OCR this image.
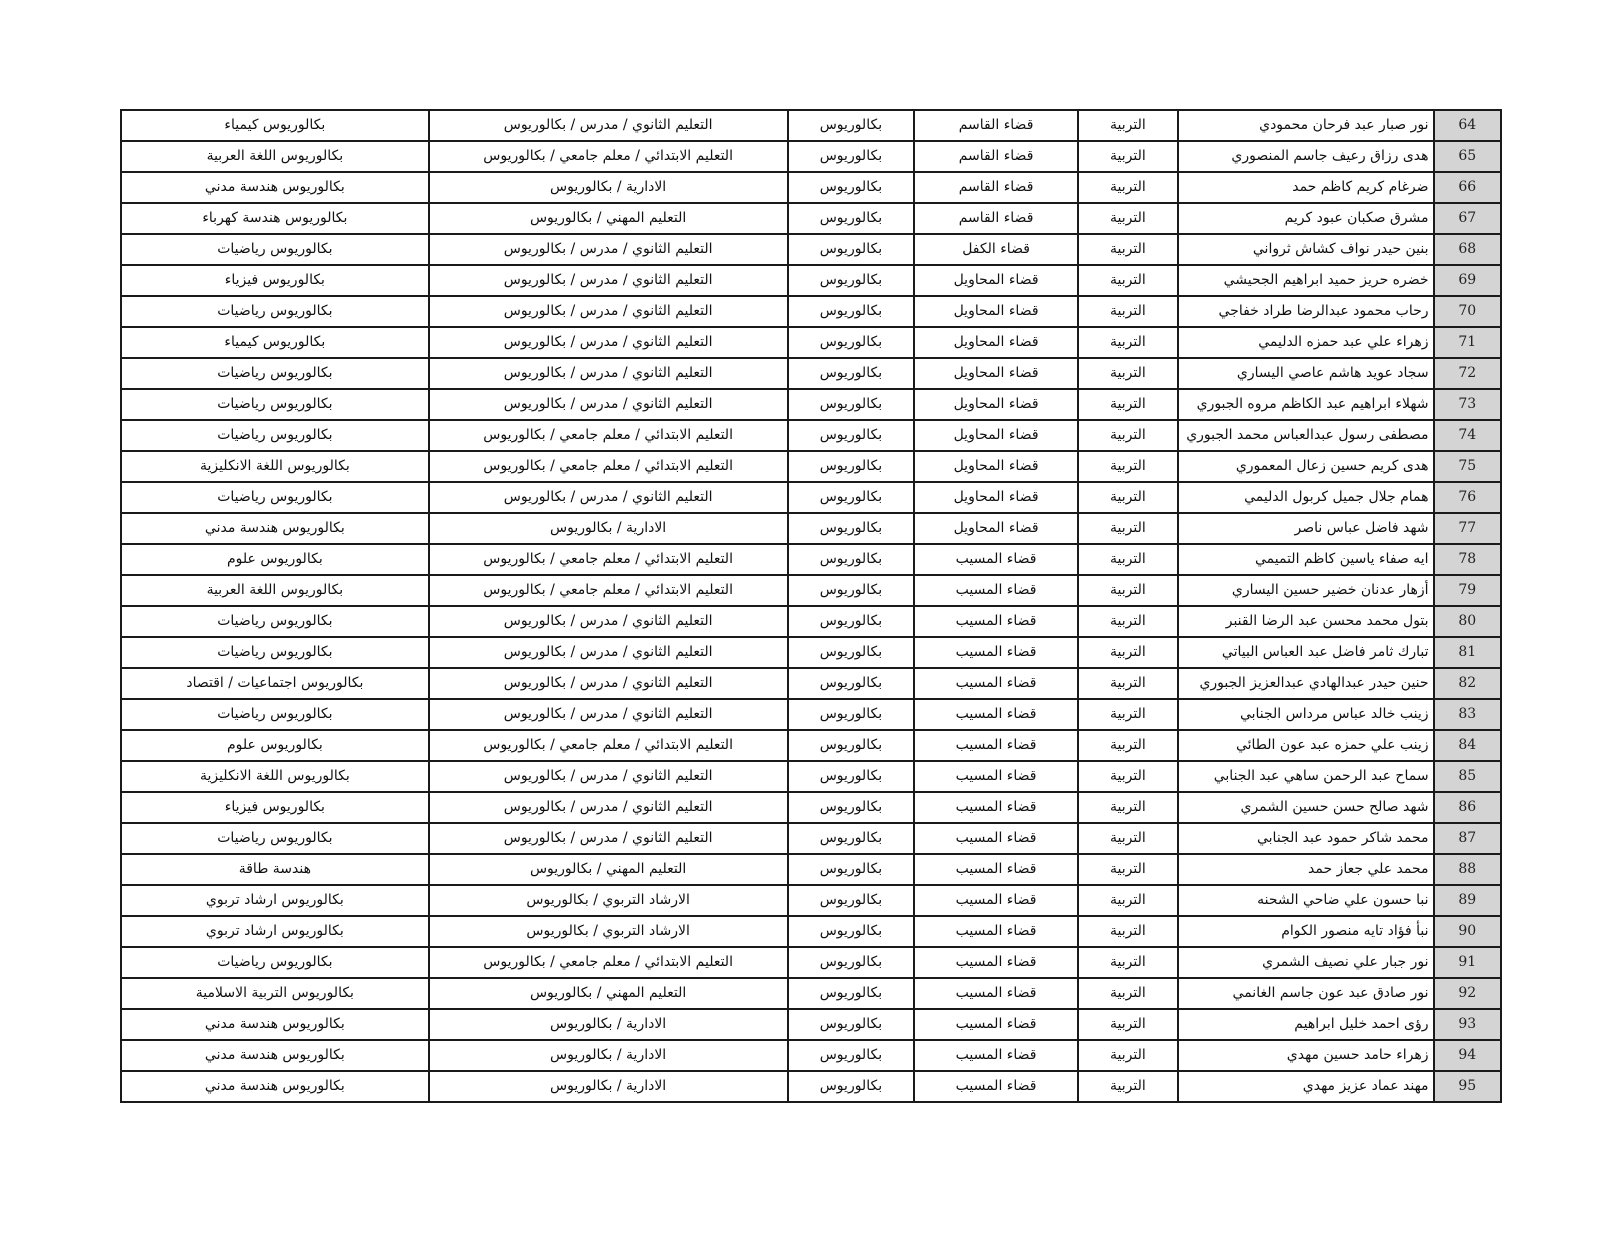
64	نور صبار عبد فرحان محمودي	التربية	قضاء القاسم	بكالوريوس	التعليم الثانوي / مدرس / بكالوريوس	بكالوريوس كيمياء
65	هدى رزاق رعيف جاسم المنصوري	التربية	قضاء القاسم	بكالوريوس	التعليم الابتدائي / معلم جامعي / بكالوريوس	بكالوريوس اللغة العربية
66	ضرغام كريم كاظم حمد	التربية	قضاء القاسم	بكالوريوس	الادارية / بكالوريوس	بكالوريوس هندسة مدني
67	مشرق صكبان عبود كريم	التربية	قضاء القاسم	بكالوريوس	التعليم المهني / بكالوريوس	بكالوريوس هندسة كهرباء
68	بنين حيدر نواف كشاش ثرواني	التربية	قضاء الكفل	بكالوريوس	التعليم الثانوي / مدرس / بكالوريوس	بكالوريوس رياضيات
69	خضره حريز حميد ابراهيم الجحيشي	التربية	قضاء المحاويل	بكالوريوس	التعليم الثانوي / مدرس / بكالوريوس	بكالوريوس فيزياء
70	رحاب محمود عبدالرضا طراد خفاجي	التربية	قضاء المحاويل	بكالوريوس	التعليم الثانوي / مدرس / بكالوريوس	بكالوريوس رياضيات
71	زهراء علي عبد حمزه الدليمي	التربية	قضاء المحاويل	بكالوريوس	التعليم الثانوي / مدرس / بكالوريوس	بكالوريوس كيمياء
72	سجاد عويد هاشم عاصي اليساري	التربية	قضاء المحاويل	بكالوريوس	التعليم الثانوي / مدرس / بكالوريوس	بكالوريوس رياضيات
73	شهلاء ابراهيم عبد الكاظم مروه الجبوري	التربية	قضاء المحاويل	بكالوريوس	التعليم الثانوي / مدرس / بكالوريوس	بكالوريوس رياضيات
74	مصطفى رسول عبدالعباس محمد الجبوري	التربية	قضاء المحاويل	بكالوريوس	التعليم الابتدائي / معلم جامعي / بكالوريوس	بكالوريوس رياضيات
75	هدى كريم حسين زعال المعموري	التربية	قضاء المحاويل	بكالوريوس	التعليم الابتدائي / معلم جامعي / بكالوريوس	بكالوريوس اللغة الانكليزية
76	همام جلال جميل كربول الدليمي	التربية	قضاء المحاويل	بكالوريوس	التعليم الثانوي / مدرس / بكالوريوس	بكالوريوس رياضيات
77	شهد فاضل عباس ناصر	التربية	قضاء المحاويل	بكالوريوس	الادارية / بكالوريوس	بكالوريوس هندسة مدني
78	ايه صفاء ياسين كاظم التميمي	التربية	قضاء المسيب	بكالوريوس	التعليم الابتدائي / معلم جامعي / بكالوريوس	بكالوريوس علوم
79	أزهار عدنان خضير حسين اليساري	التربية	قضاء المسيب	بكالوريوس	التعليم الابتدائي / معلم جامعي / بكالوريوس	بكالوريوس اللغة العربية
80	بتول محمد محسن عبد الرضا القنبر	التربية	قضاء المسيب	بكالوريوس	التعليم الثانوي / مدرس / بكالوريوس	بكالوريوس رياضيات
81	تبارك ثامر فاضل عبد العباس البياتي	التربية	قضاء المسيب	بكالوريوس	التعليم الثانوي / مدرس / بكالوريوس	بكالوريوس رياضيات
82	حنين حيدر عبدالهادي عبدالعزيز الجبوري	التربية	قضاء المسيب	بكالوريوس	التعليم الثانوي / مدرس / بكالوريوس	بكالوريوس اجتماعيات / اقتصاد
83	زينب خالد عباس مرداس الجنابي	التربية	قضاء المسيب	بكالوريوس	التعليم الثانوي / مدرس / بكالوريوس	بكالوريوس رياضيات
84	زينب علي حمزه عبد عون الطائي	التربية	قضاء المسيب	بكالوريوس	التعليم الابتدائي / معلم جامعي / بكالوريوس	بكالوريوس علوم
85	سماح عبد الرحمن ساهي عبد الجنابي	التربية	قضاء المسيب	بكالوريوس	التعليم الثانوي / مدرس / بكالوريوس	بكالوريوس اللغة الانكليزية
86	شهد صالح حسن حسين الشمري	التربية	قضاء المسيب	بكالوريوس	التعليم الثانوي / مدرس / بكالوريوس	بكالوريوس فيزياء
87	محمد شاكر حمود عبد الجنابي	التربية	قضاء المسيب	بكالوريوس	التعليم الثانوي / مدرس / بكالوريوس	بكالوريوس رياضيات
88	محمد علي جعاز حمد	التربية	قضاء المسيب	بكالوريوس	التعليم المهني / بكالوريوس	هندسة طاقة
89	نبا حسون علي ضاحي الشحنه	التربية	قضاء المسيب	بكالوريوس	الارشاد التربوي / بكالوريوس	بكالوريوس ارشاد تربوي
90	نبأ فؤاد تايه منصور الكوام	التربية	قضاء المسيب	بكالوريوس	الارشاد التربوي / بكالوريوس	بكالوريوس ارشاد تربوي
91	نور جبار علي نصيف الشمري	التربية	قضاء المسيب	بكالوريوس	التعليم الابتدائي / معلم جامعي / بكالوريوس	بكالوريوس رياضيات
92	نور صادق عبد عون جاسم الغانمي	التربية	قضاء المسيب	بكالوريوس	التعليم المهني / بكالوريوس	بكالوريوس التربية الاسلامية
93	رؤى احمد خليل ابراهيم	التربية	قضاء المسيب	بكالوريوس	الادارية / بكالوريوس	بكالوريوس هندسة مدني
94	زهراء حامد حسين مهدي	التربية	قضاء المسيب	بكالوريوس	الادارية / بكالوريوس	بكالوريوس هندسة مدني
95	مهند عماد عزيز مهدي	التربية	قضاء المسيب	بكالوريوس	الادارية / بكالوريوس	بكالوريوس هندسة مدني
